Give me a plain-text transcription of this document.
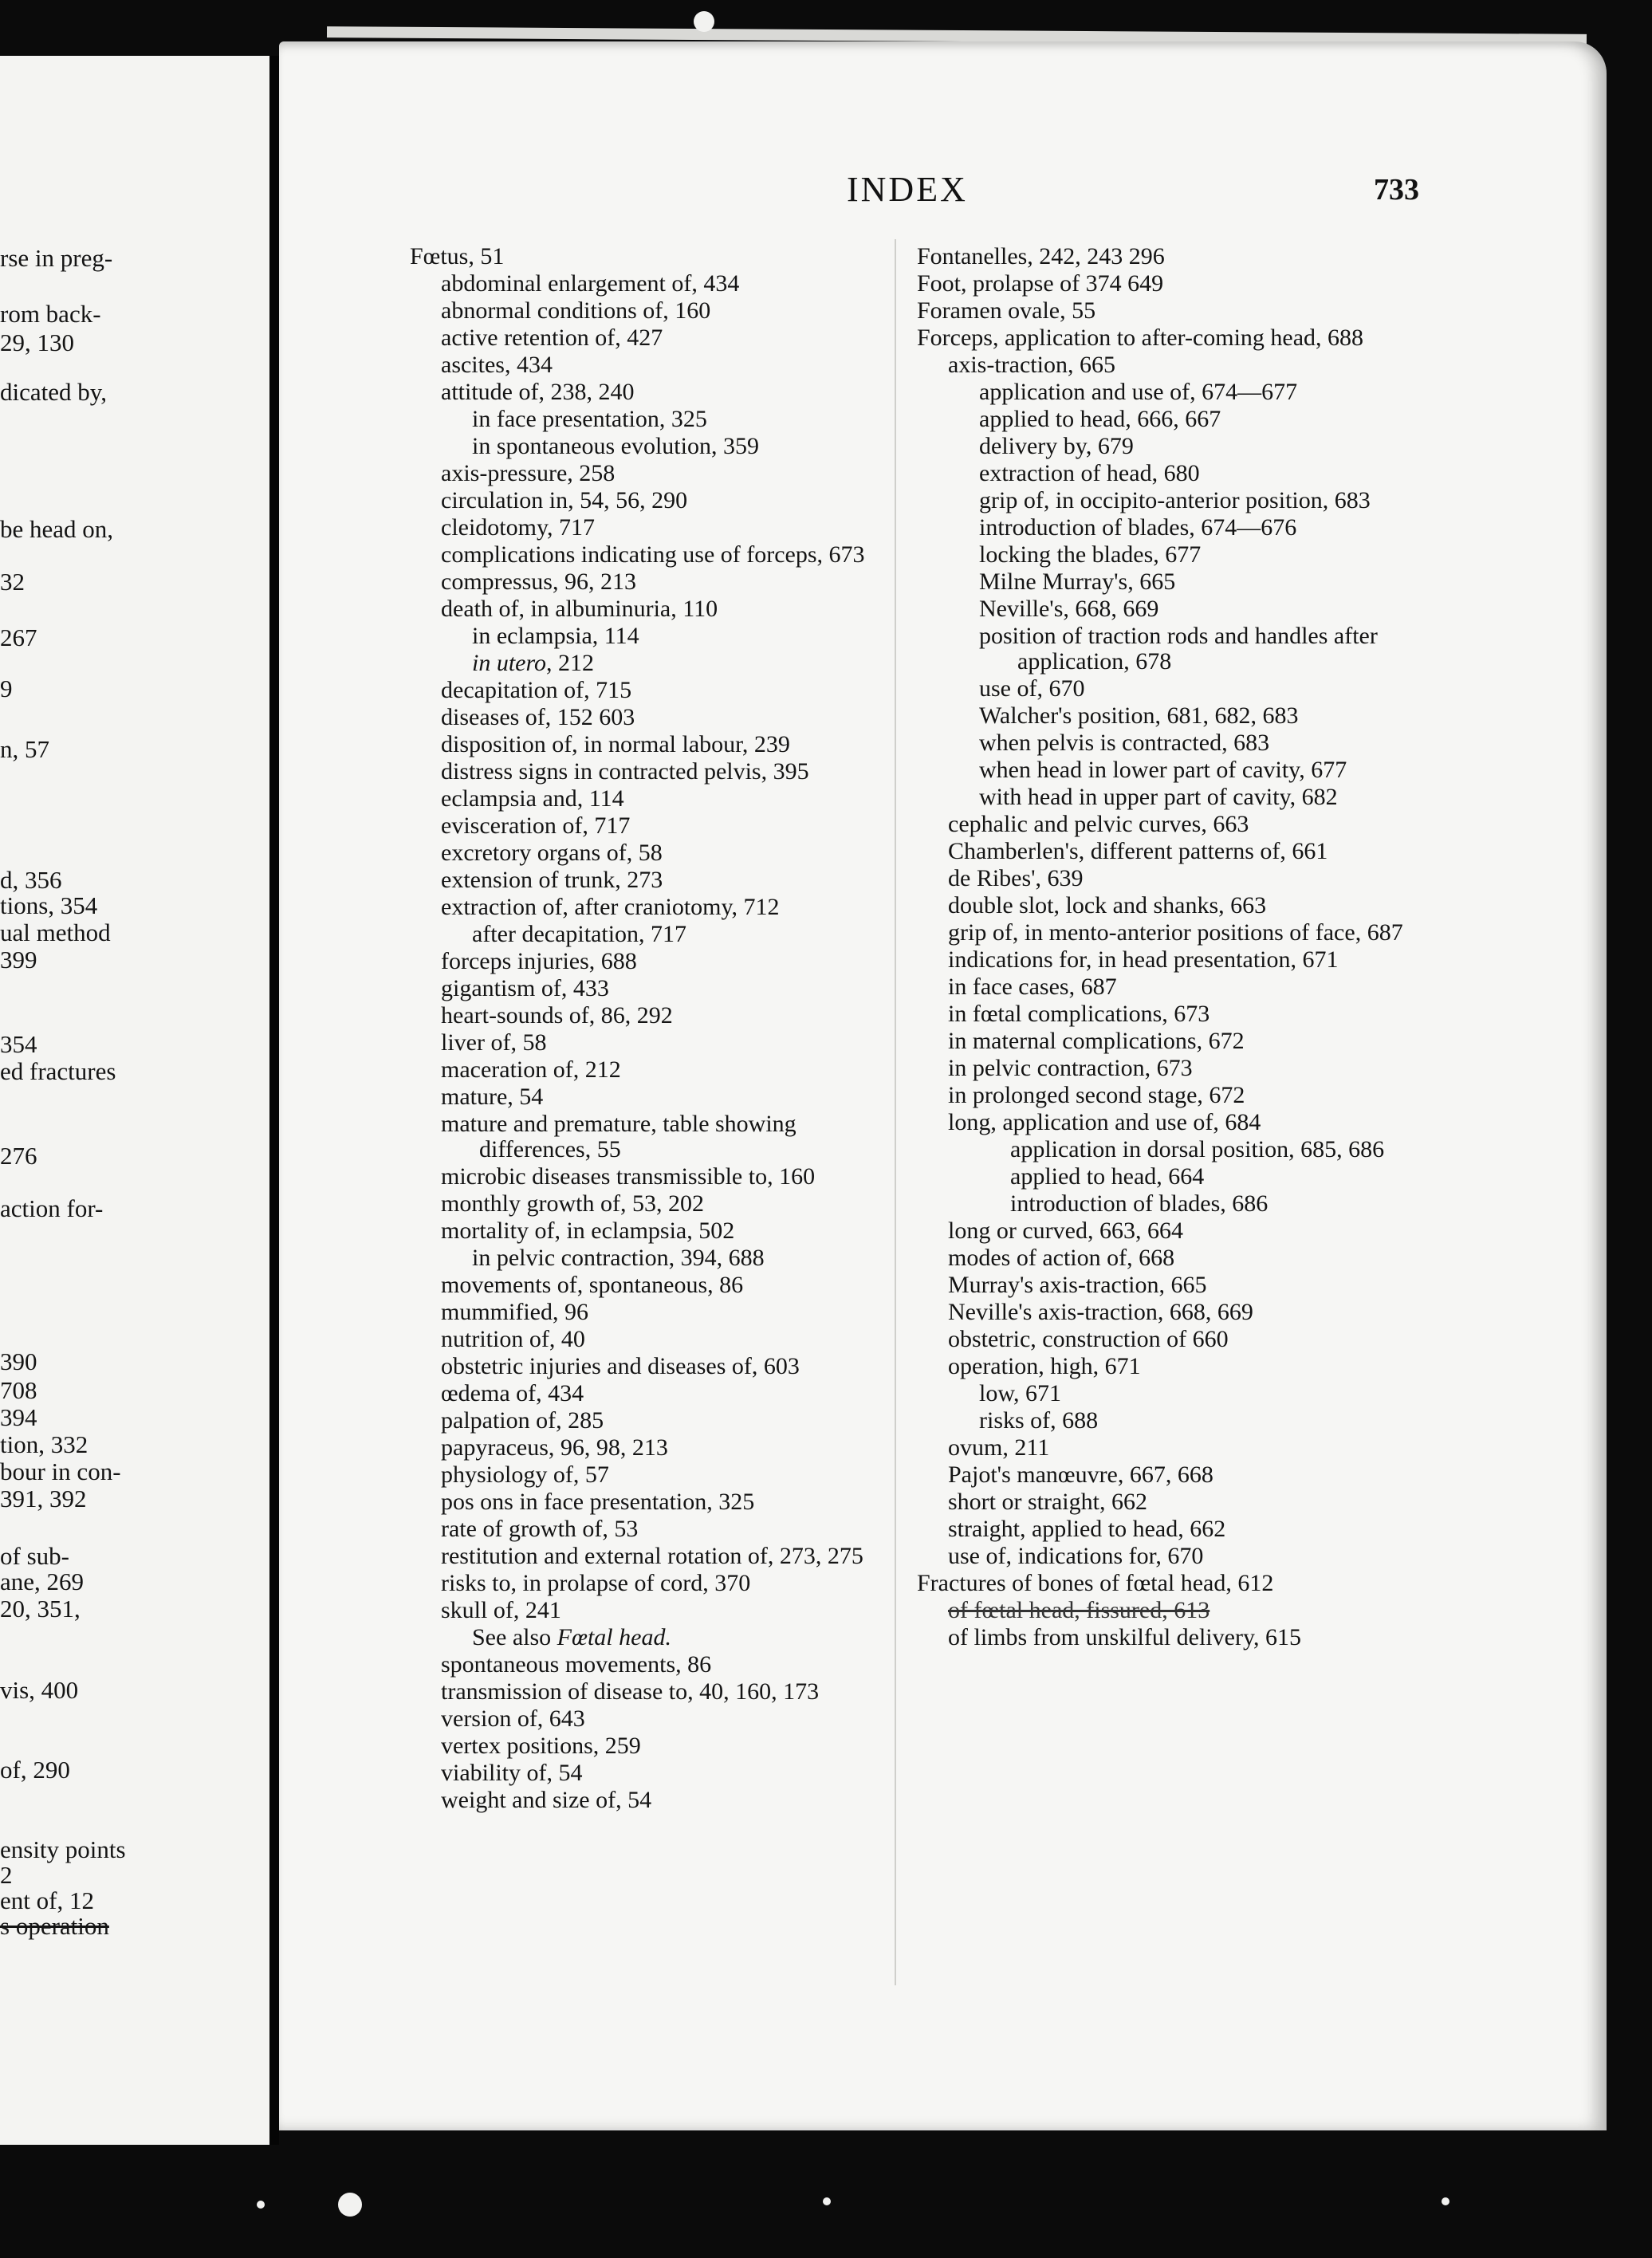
rse in preg-
rom back-
29, 130
dicated by,
be head on,
32
267
9
n, 57
d, 356
tions, 354
ual method
399
354
ed fractures
276
action for-
390
708
394
tion, 332
bour in con-
391, 392
of sub-
ane, 269
20, 351,
vis, 400
of, 290
ensity points
2
ent of, 12
s operation
INDEX	733
Fœtus, 51
abdominal enlargement of, 434
abnormal conditions of, 160
active retention of, 427
ascites, 434
attitude of, 238, 240
in face presentation, 325
in spontaneous evolution, 359
axis-pressure, 258
circulation in, 54, 56, 290
cleidotomy, 717
complications indicating use of forceps, 673
compressus, 96, 213
death of, in albuminuria, 110
in eclampsia, 114
in utero, 212
decapitation of, 715
diseases of, 152 603
disposition of, in normal labour, 239
distress signs in contracted pelvis, 395
eclampsia and, 114
evisceration of, 717
excretory organs of, 58
extension of trunk, 273
extraction of, after craniotomy, 712
after decapitation, 717
forceps injuries, 688
gigantism of, 433
heart-sounds of, 86, 292
liver of, 58
maceration of, 212
mature, 54
mature and premature, table showing differences, 55
microbic diseases transmissible to, 160
monthly growth of, 53, 202
mortality of, in eclampsia, 502
in pelvic contraction, 394, 688
movements of, spontaneous, 86
mummified, 96
nutrition of, 40
obstetric injuries and diseases of, 603
œdema of, 434
palpation of, 285
papyraceus, 96, 98, 213
physiology of, 57
pos ons in face presentation, 325
rate of growth of, 53
restitution and external rotation of, 273, 275
risks to, in prolapse of cord, 370
skull of, 241
See also Fœtal head.
spontaneous movements, 86
transmission of disease to, 40, 160, 173
version of, 643
vertex positions, 259
viability of, 54
weight and size of, 54
Fontanelles, 242, 243 296
Foot, prolapse of 374 649
Foramen ovale, 55
Forceps, application to after-coming head, 688
axis-traction, 665
application and use of, 674—677
applied to head, 666, 667
delivery by, 679
extraction of head, 680
grip of, in occipito-anterior position, 683
introduction of blades, 674—676
locking the blades, 677
Milne Murray's, 665
Neville's, 668, 669
position of traction rods and handles after application, 678
use of, 670
Walcher's position, 681, 682, 683
when pelvis is contracted, 683
when head in lower part of cavity, 677
with head in upper part of cavity, 682
cephalic and pelvic curves, 663
Chamberlen's, different patterns of, 661
de Ribes', 639
double slot, lock and shanks, 663
grip of, in mento-anterior positions of face, 687
indications for, in head presentation, 671
in face cases, 687
in fœtal complications, 673
in maternal complications, 672
in pelvic contraction, 673
in prolonged second stage, 672
long, application and use of, 684
application in dorsal position, 685, 686
applied to head, 664
introduction of blades, 686
long or curved, 663, 664
modes of action of, 668
Murray's axis-traction, 665
Neville's axis-traction, 668, 669
obstetric, construction of 660
operation, high, 671
low, 671
risks of, 688
ovum, 211
Pajot's manœuvre, 667, 668
short or straight, 662
straight, applied to head, 662
use of, indications for, 670
Fractures of bones of fœtal head, 612
of fœtal head, fissured, 613
of limbs from unskilful delivery, 615
